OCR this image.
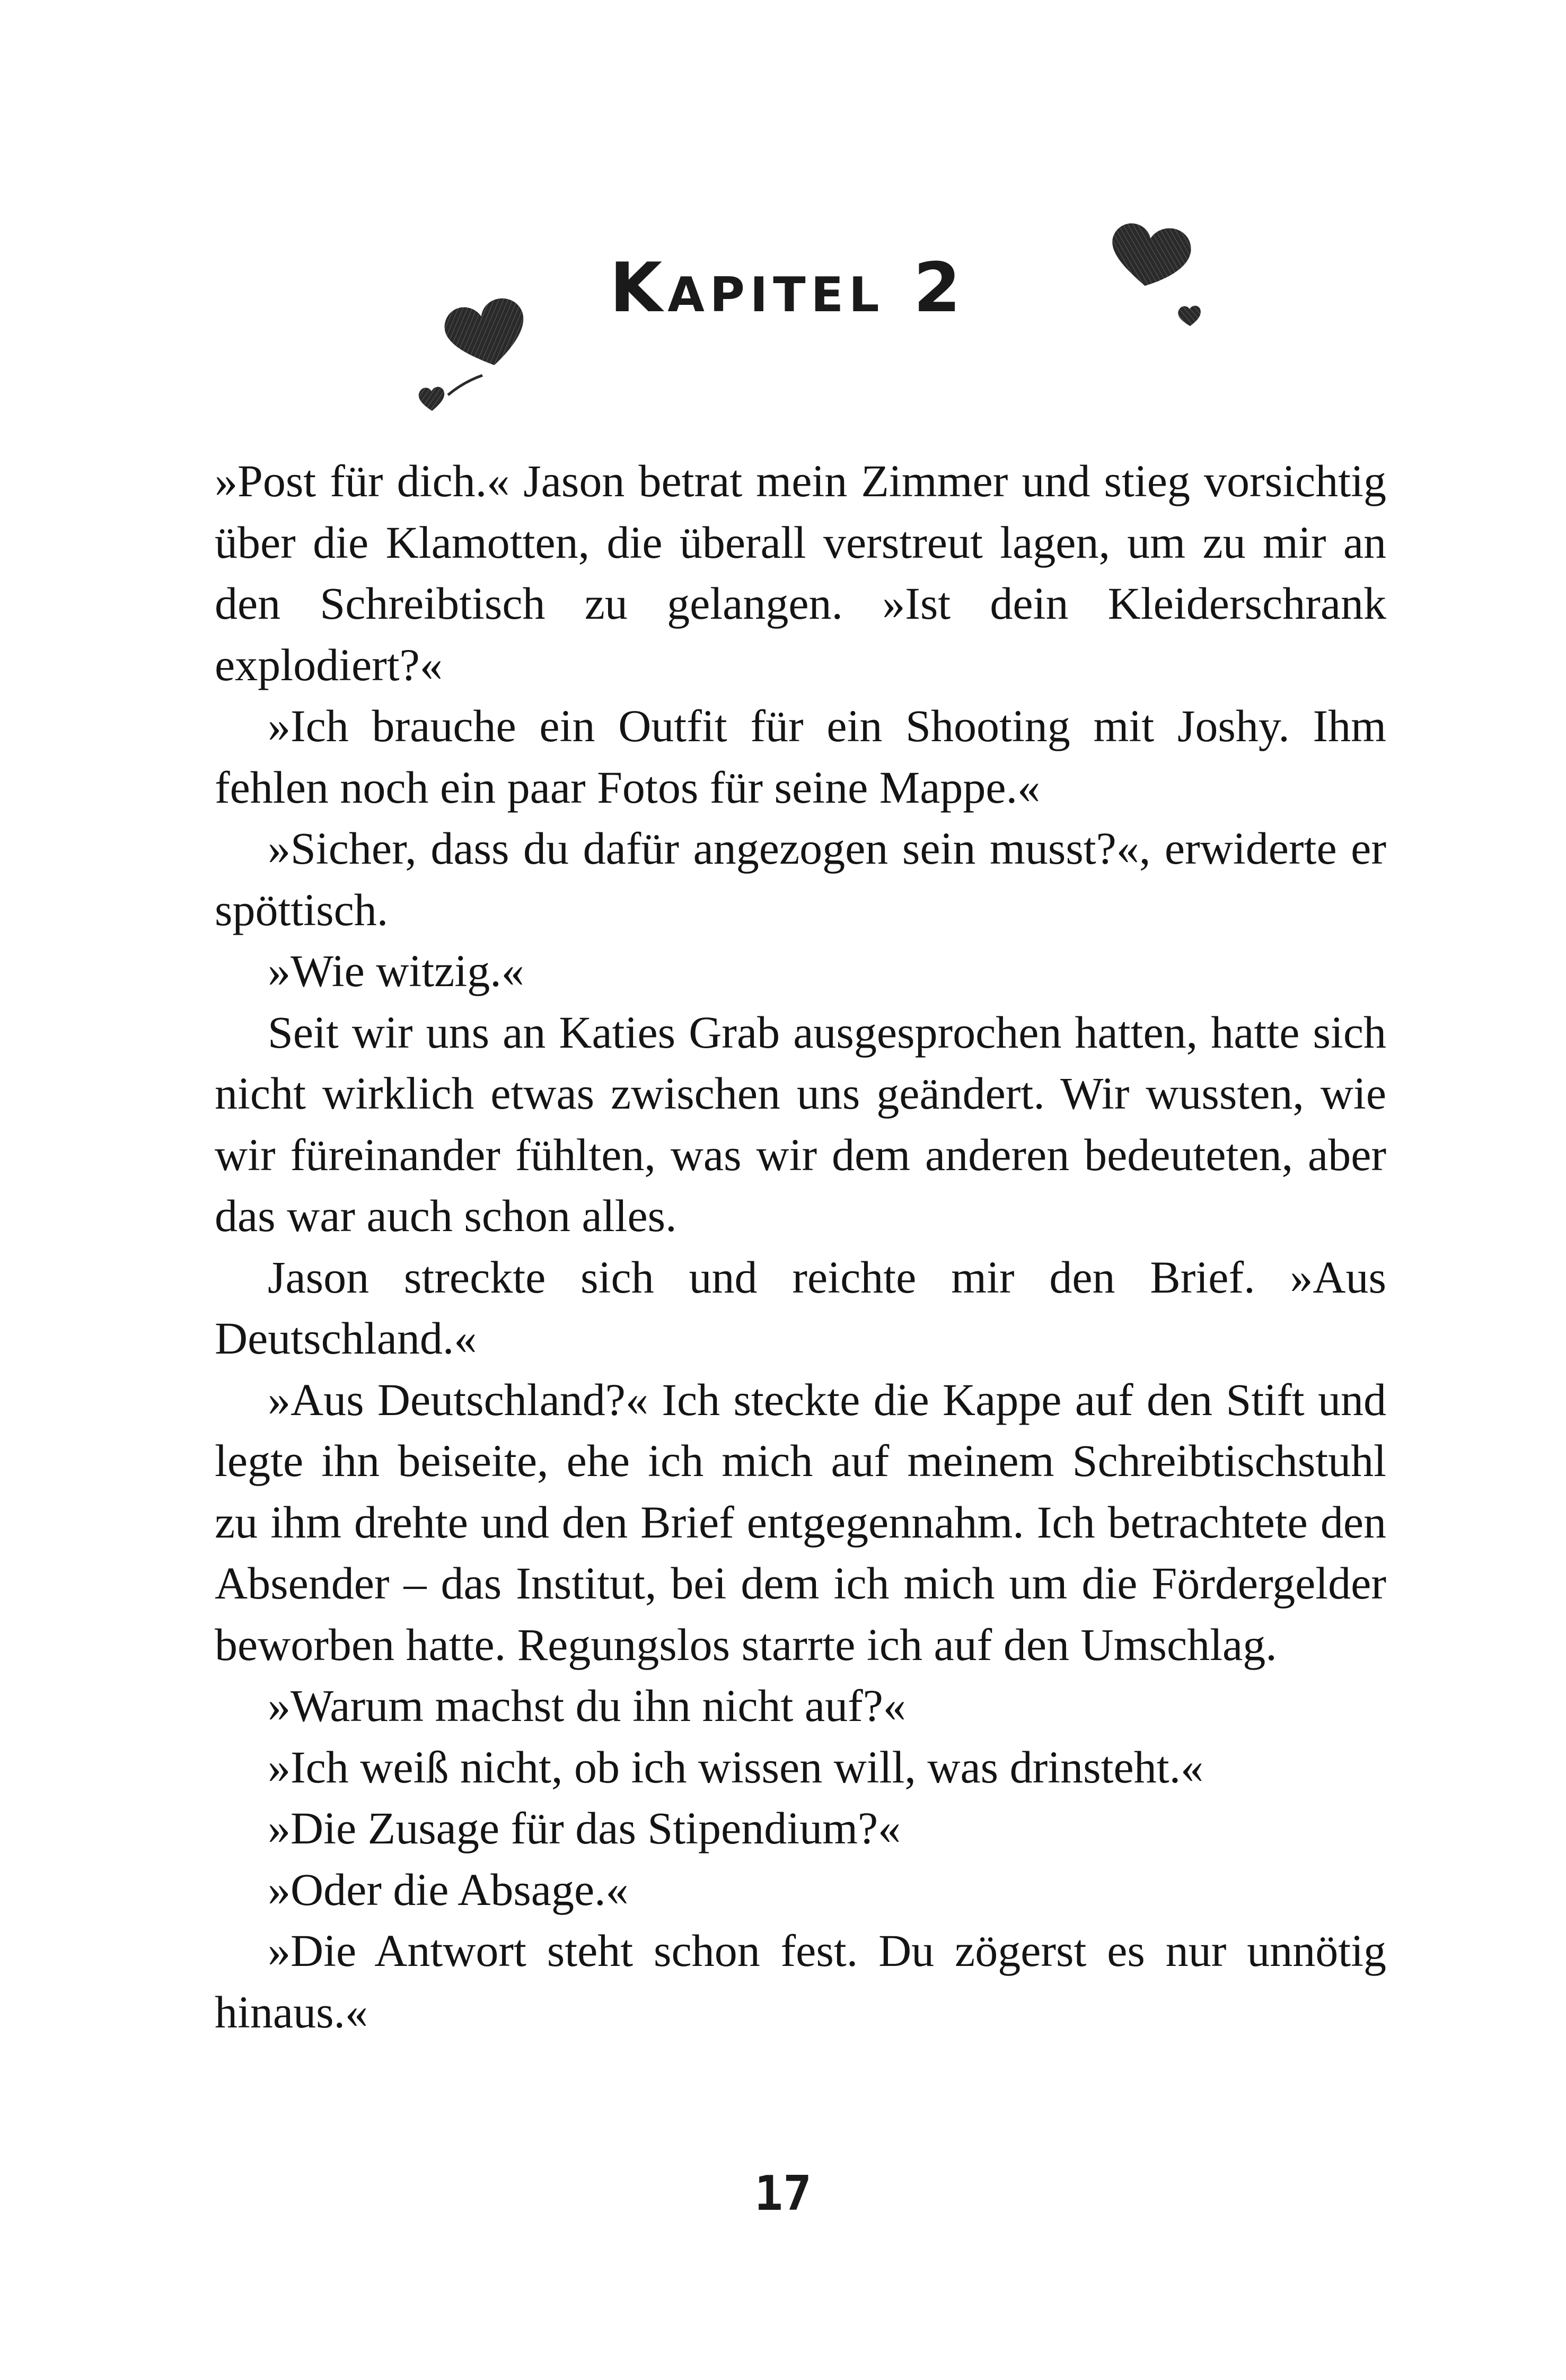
Kapitel 2

»Post für dich.« Jason betrat mein Zimmer und stieg vorsichtig über die Klamotten, die überall verstreut lagen, um zu mir an den Schreibtisch zu gelangen. »Ist dein Kleiderschrank explodiert?«

»Ich brauche ein Outfit für ein Shooting mit Joshy. Ihm fehlen noch ein paar Fotos für seine Mappe.«

»Sicher, dass du dafür angezogen sein musst?«, erwiderte er spöttisch.

»Wie witzig.«

Seit wir uns an Katies Grab ausgesprochen hatten, hatte sich nicht wirklich etwas zwischen uns geändert. Wir wussten, wie wir füreinander fühlten, was wir dem anderen bedeuteten, aber das war auch schon alles.

Jason streckte sich und reichte mir den Brief. »Aus Deutschland.«

»Aus Deutschland?« Ich steckte die Kappe auf den Stift und legte ihn beiseite, ehe ich mich auf meinem Schreibtischstuhl zu ihm drehte und den Brief entgegennahm. Ich betrachtete den Absender – das Institut, bei dem ich mich um die Fördergelder beworben hatte. Regungslos starrte ich auf den Umschlag.

»Warum machst du ihn nicht auf?«

»Ich weiß nicht, ob ich wissen will, was drinsteht.«

»Die Zusage für das Stipendium?«

»Oder die Absage.«

»Die Antwort steht schon fest. Du zögerst es nur unnötig hinaus.«

17
